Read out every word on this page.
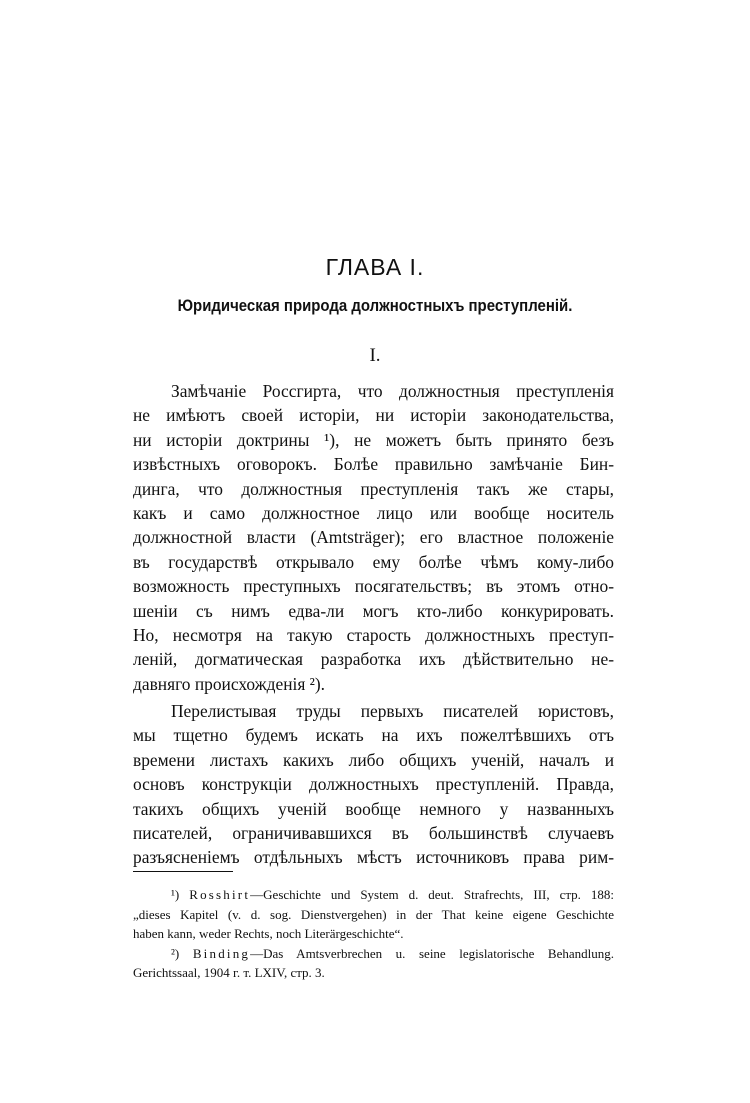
ГЛАВА I.
Юридическая природа должностныхъ преступленій.
I.
Замѣчаніе Россгирта, что должностныя преступленія
не имѣютъ своей исторіи, ни исторіи законодательства,
ни исторіи доктрины ¹), не можетъ быть принято безъ
извѣстныхъ оговорокъ. Болѣе правильно замѣчаніе Бин-
динга, что должностныя преступленія такъ же стары,
какъ и само должностное лицо или вообще носитель
должностной власти (Amtsträger); его властное положеніе
въ государствѣ открывало ему болѣе чѣмъ кому-либо
возможность преступныхъ посягательствъ; въ этомъ отно-
шеніи съ нимъ едва-ли могъ кто-либо конкурировать.
Но, несмотря на такую старость должностныхъ преступ-
леній, догматическая разработка ихъ дѣйствительно не-
давняго происхожденія ²).
Перелистывая труды первыхъ писателей юристовъ,
мы тщетно будемъ искать на ихъ пожелтѣвшихъ отъ
времени листахъ какихъ либо общихъ ученій, началъ и
основъ конструкціи должностныхъ преступленій. Правда,
такихъ общихъ ученій вообще немного у названныхъ
писателей, ограничивавшихся въ большинствѣ случаевъ
разъясненіемъ отдѣльныхъ мѣстъ источниковъ права рим-
¹) Rosshirt—Geschichte und System d. deut. Strafrechts, III, стр. 188:
„dieses Kapitel (v. d. sog. Dienstvergehen) in der That keine eigene Geschichte
haben kann, weder Rechts, noch Literärgeschichte“.
²) Binding—Das Amtsverbrechen u. seine legislatorische Behandlung.
Gerichtssaal, 1904 г. т. LXIV, стр. 3.
